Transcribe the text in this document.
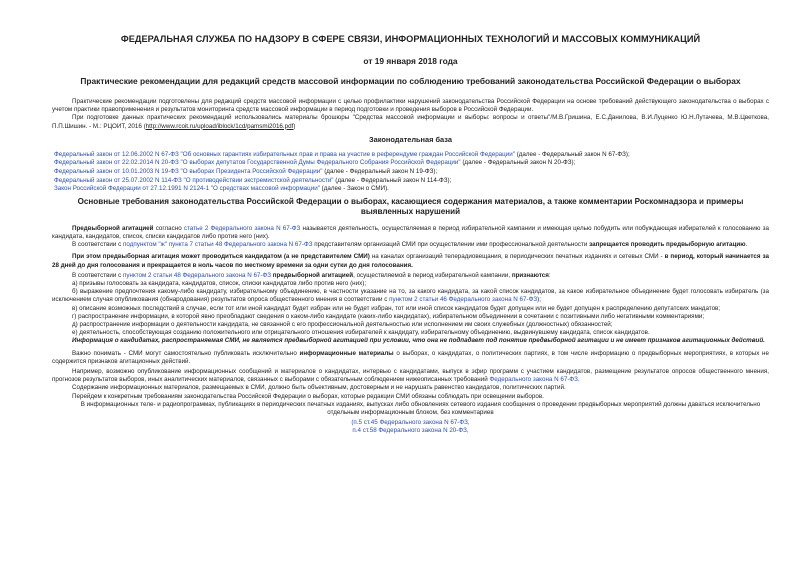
ФЕДЕРАЛЬНАЯ СЛУЖБА ПО НАДЗОРУ В СФЕРЕ СВЯЗИ, ИНФОРМАЦИОННЫХ ТЕХНОЛОГИЙ И МАССОВЫХ КОММУНИКАЦИЙ
от 19 января 2018 года
Практические рекомендации для редакций средств массовой информации по соблюдению требований законодательства Российской Федерации о выборах

Практические рекомендации подготовлены для редакций средств массовой информации с целью профилактики нарушений законодательства Российской Федерации на основе требований действующего законодательства о выборах с учетом практики правоприменения и результатов мониторинга средств массовой информации в период подготовки и проведения выборов в Российской Федерации.

При подготовке данных практических рекомендаций использовались материалы брошюры "Средства массовой информации и выборы: вопросы и ответы"/М.В.Гришина, Е.С.Данилова, В.И.Луценко Ю.Н.Лутачева, М.В.Цветкова, П.П.Шишин. - М.: РЦОИТ, 2016 (http://www.rcoit.ru/upload/iblock/1cd/pamsmi2016.pdf)

Законодательная база

Федеральный закон от 12.06.2002 N 67-ФЗ "Об основных гарантиях избирательных прав и права на участие в референдуме граждан Российской Федерации" (далее - Федеральный закон N 67-ФЗ);

Федеральный закон от 22.02.2014 N 20-ФЗ "О выборах депутатов Государственной Думы Федерального Собрания Российской Федерации" (далее - Федеральный закон N 20-ФЗ);

Федеральный закон от 10.01.2003 N 19-ФЗ "О выборах Президента Российской Федерации" (далее - Федеральный закон N 19-ФЗ);

Федеральный закон от 25.07.2002 N 114-ФЗ "О противодействии экстремистской деятельности" (далее - Федеральный закон N 114-ФЗ);

Закон Российской Федерации от 27.12.1991 N 2124-1 "О средствах массовой информации" (далее - Закон о СМИ).

Основные требования законодательства Российской Федерации о выборах, касающиеся содержания материалов, а также комментарии Роскомнадзора и примеры выявленных нарушений

Предвыборной агитацией согласно статье 2 Федерального закона N 67-ФЗ называется деятельность, осуществляемая в период избирательной кампании и имеющая целью побудить или побуждающая избирателей к голосованию за кандидата, кандидатов, список, списки кандидатов либо против него (них).

В соответствии с подпунктом "ж" пункта 7 статьи 48 Федерального закона N 67-ФЗ представителям организаций СМИ при осуществлении ими профессиональной деятельности запрещается проводить предвыборную агитацию.

При этом предвыборная агитация может проводиться кандидатом (а не представителем СМИ) на каналах организаций телерадиовещания, в периодических печатных изданиях и сетевых СМИ - в период, который начинается за 28 дней до дня голосования и прекращается в ноль часов по местному времени за одни сутки до дня голосования.

В соответствии с пунктом 2 статьи 48 Федерального закона N 67-ФЗ предвыборной агитацией, осуществляемой в период избирательной кампании, признаются:

а) призывы голосовать за кандидата, кандидатов, список, списки кандидатов либо против него (них);

б) выражение предпочтения какому-либо кандидату, избирательному объединению, в частности указание на то, за какого кандидата, за какой список кандидатов, за какое избирательное объединение будет голосовать избиратель (за исключением случая опубликования (обнародования) результатов опроса общественного мнения в соответствии с пунктом 2 статьи 46 Федерального закона N 67-ФЗ);

в) описание возможных последствий в случае, если тот или иной кандидат будет избран или не будет избран, тот или иной список кандидатов будет допущен или не будет допущен к распределению депутатских мандатов;

г) распространение информации, в которой явно преобладают сведения о каком-либо кандидате (каких-либо кандидатах), избирательном объединении в сочетании с позитивными либо негативными комментариями;

д) распространение информации о деятельности кандидата, не связанной с его профессиональной деятельностью или исполнением им своих служебных (должностных) обязанностей;

е) деятельность, способствующая созданию положительного или отрицательного отношения избирателей к кандидату, избирательному объединению, выдвинувшему кандидата, список кандидатов.

Информация о кандидатах, распространяемая СМИ, не является предвыборной агитацией при условии, что она не подпадает под понятие предвыборной агитации и не имеет признаков агитационных действий.

Важно понимать - СМИ могут самостоятельно публиковать исключительно информационные материалы о выборах, о кандидатах, о политических партиях, в том числе информацию о предвыборных мероприятиях, в которых не содержится признаков агитационных действий.

Например, возможно опубликование информационных сообщений и материалов о кандидатах, интервью с кандидатами, выпуск в эфир программ с участием кандидатов, размещение результатов опросов общественного мнения, прогнозов результатов выборов, иных аналитических материалов, связанных с выборами с обязательным соблюдением нижеописанных требований Федерального закона N 67-ФЗ.

Содержание информационных материалов, размещаемых в СМИ, должно быть объективным, достоверным и не нарушать равенство кандидатов, политических партий.

Перейдем к конкретным требованиям законодательства Российской Федерации о выборах, которые редакции СМИ обязаны соблюдать при освещении выборов.

В информационных теле- и радиопрограммах, публикациях в периодических печатных изданиях, выпусках либо обновлениях сетевого издания сообщения о проведении предвыборных мероприятий должны даваться исключительно отдельным информационным блоком, без комментариев

(п.5 ст.45 Федерального закона N 67-ФЗ,

п.4 ст.58 Федерального закона N 20-ФЗ,
